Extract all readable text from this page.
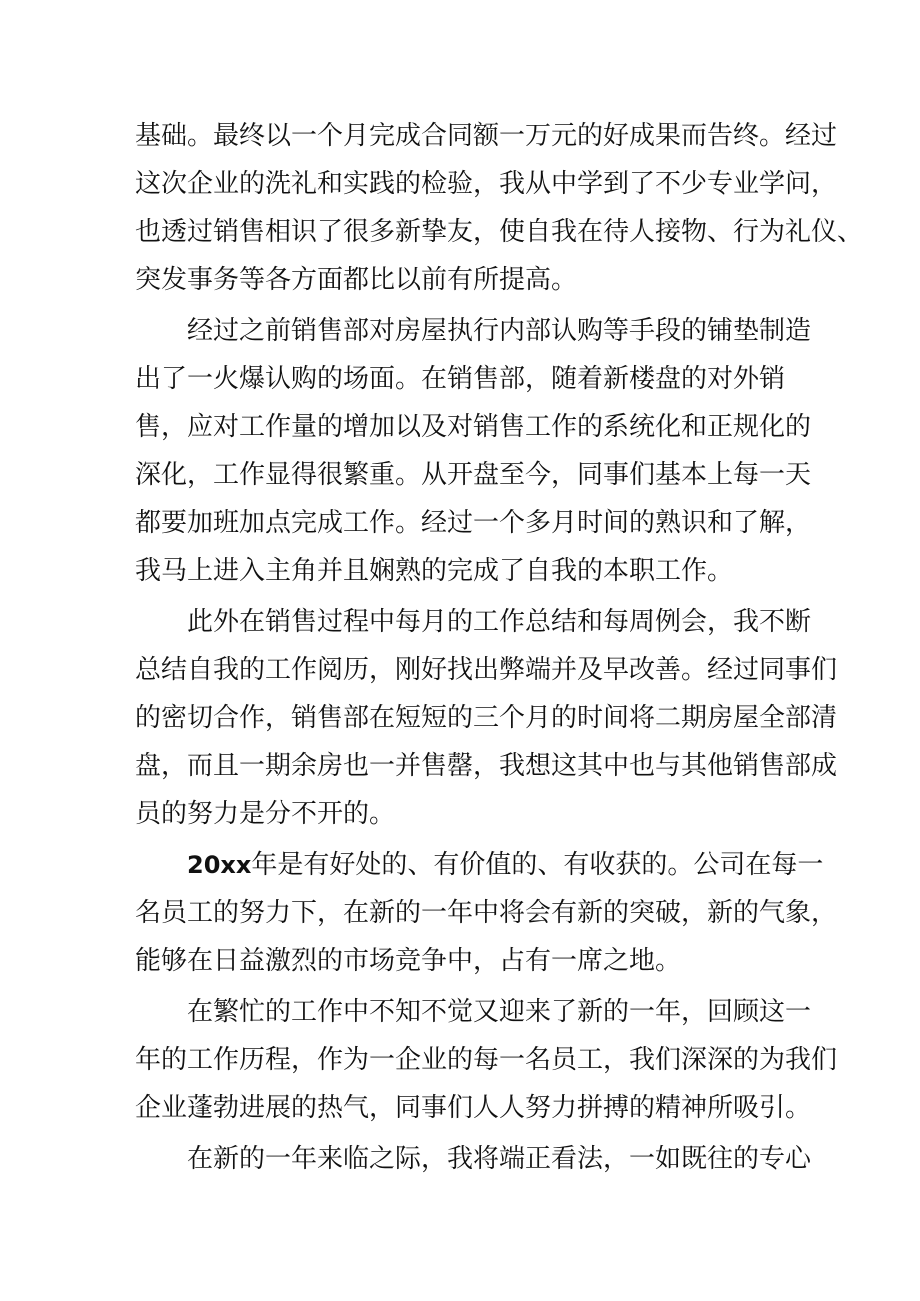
基础。最终以一个月完成合同额一万元的好成果而告终。经过
这次企业的洗礼和实践的检验，我从中学到了不少专业学问，
也透过销售相识了很多新挚友，使自我在待人接物、行为礼仪、
突发事务等各方面都比以前有所提高。
经过之前销售部对房屋执行内部认购等手段的铺垫制造
出了一火爆认购的场面。在销售部，随着新楼盘的对外销
售，应对工作量的增加以及对销售工作的系统化和正规化的
深化，工作显得很繁重。从开盘至今，同事们基本上每一天
都要加班加点完成工作。经过一个多月时间的熟识和了解，
我马上进入主角并且娴熟的完成了自我的本职工作。
此外在销售过程中每月的工作总结和每周例会，我不断
总结自我的工作阅历，刚好找出弊端并及早改善。经过同事们
的密切合作，销售部在短短的三个月的时间将二期房屋全部清
盘，而且一期余房也一并售罄，我想这其中也与其他销售部成
员的努力是分不开的。
20xx年是有好处的、有价值的、有收获的。公司在每一
名员工的努力下，在新的一年中将会有新的突破，新的气象，
能够在日益激烈的市场竞争中，占有一席之地。
在繁忙的工作中不知不觉又迎来了新的一年，回顾这一
年的工作历程，作为一企业的每一名员工，我们深深的为我们
企业蓬勃进展的热气，同事们人人努力拼搏的精神所吸引。
在新的一年来临之际，我将端正看法，一如既往的专心
